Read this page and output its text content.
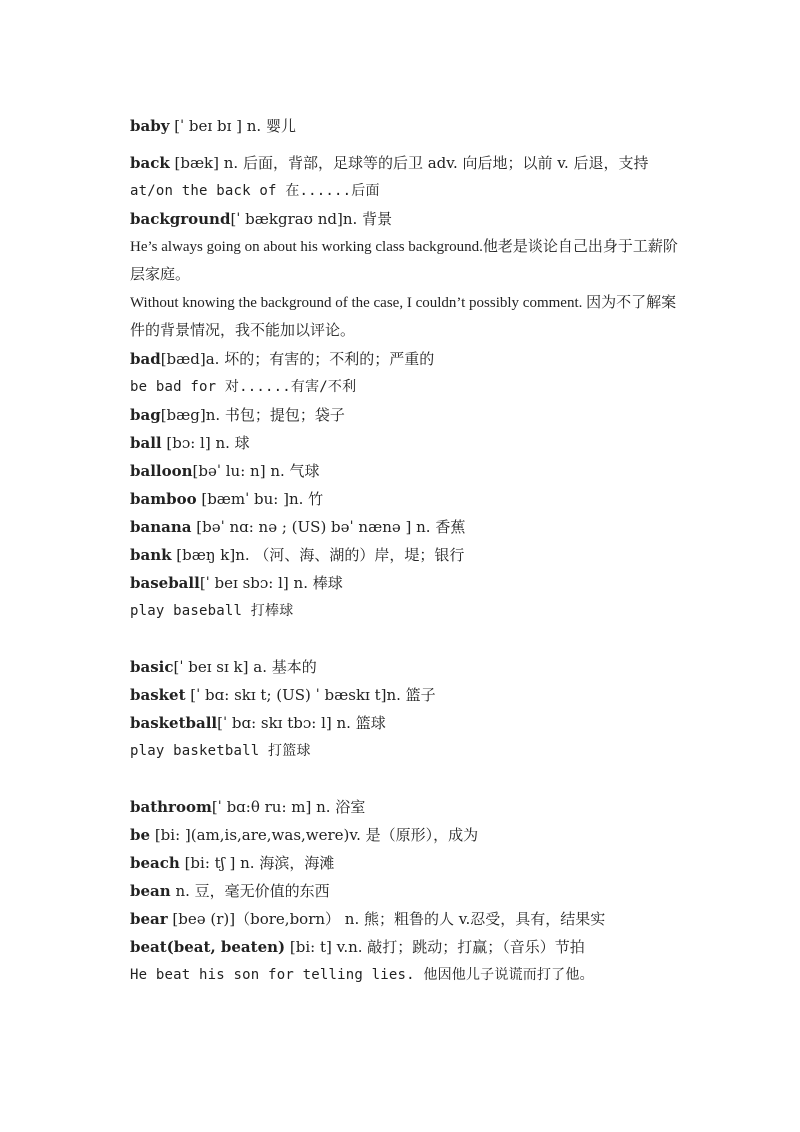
baby [ˈ beɪ bɪ ] n. 婴儿
back [bæk] n. 后面，背部，足球等的后卫 adv. 向后地；以前 v. 后退，支持
at/on the back of 在......后面
background[ˈ bækgraʊ nd]n. 背景
He’s always going on about his working class background.他老是谈论自己出身于工薪阶层家庭。
Without knowing the background of the case, I couldn’t possibly comment. 因为不了解案件的背景情况，我不能加以评论。
bad[bæd]a. 坏的；有害的；不利的；严重的
be bad for 对......有害/不利
bag[bæg]n. 书包；提包；袋子
ball [bɔ: l] n. 球
balloon[bəˈ lu: n] n. 气球
bamboo [bæmˈ bu: ]n. 竹
banana [bəˈ nɑ: nə ; (US) bəˈ nænə ] n. 香蕉
bank [bæŋ k]n. （河、海、湖的）岸，堤；银行
baseball[ˈ beɪ sbɔ: l] n. 棒球
play baseball 打棒球
basic[ˈ beɪ sɪ k] a. 基本的
basket [ˈ bɑ: skɪ t; (US) ˈ bæskɪ t]n. 篮子
basketball[ˈ bɑ: skɪ tbɔ: l] n. 篮球
play basketball 打篮球
bathroom[ˈ bɑ:θ ru: m] n. 浴室
be [bi: ](am,is,are,was,were)v. 是（原形），成为
beach [bi: tʃ ] n. 海滨，海滩
bean n. 豆，毫无价值的东西
bear [beə (r)]（bore,born） n. 熊；粗鲁的人 v.忍受，具有，结果实
beat(beat, beaten) [bi: t] v.n. 敲打；跳动；打赢；（音乐）节拍
He beat his son for telling lies. 他因他儿子说谎而打了他。
